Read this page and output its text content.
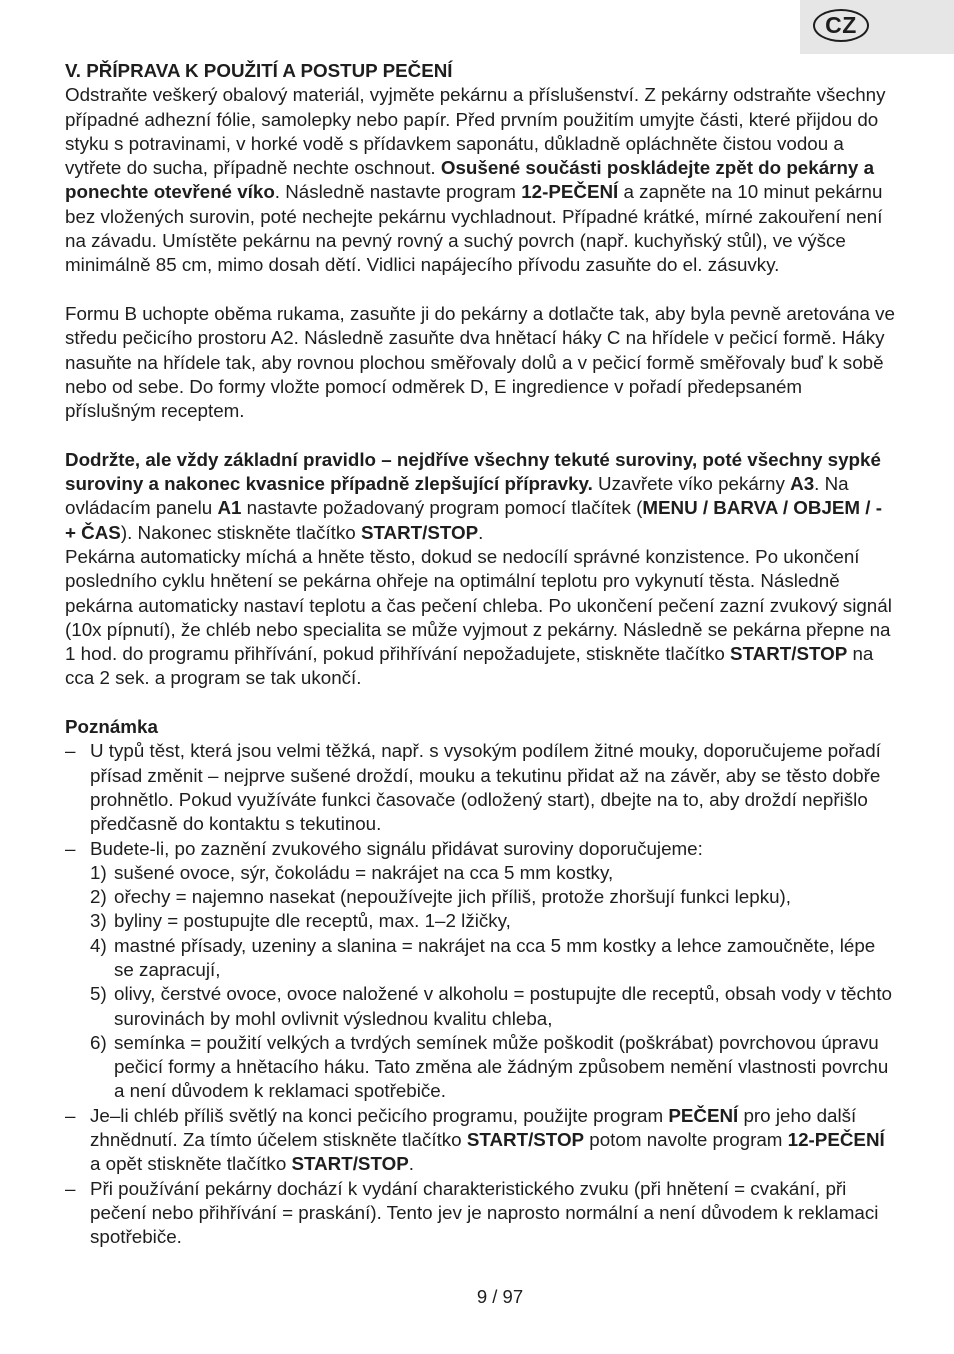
CZ

V. PŘÍPRAVA K POUŽITÍ A POSTUP PEČENÍ

Odstraňte veškerý obalový materiál, vyjměte pekárnu a příslušenství. Z pekárny odstraňte všechny případné adhezní fólie, samolepky nebo papír. Před prvním použitím umyjte části, které přijdou do styku s potravinami, v horké vodě s přídavkem saponátu, důkladně opláchněte čistou vodou a vytřete do sucha, případně nechte oschnout. Osušené součásti poskládejte zpět do pekárny a ponechte otevřené víko. Následně nastavte program 12-PEČENÍ a zapněte na 10 minut pekárnu bez vložených surovin, poté nechejte pekárnu vychladnout. Případné krátké, mírné zakouření není na závadu. Umístěte pekárnu na pevný rovný a suchý povrch (např. kuchyňský stůl), ve výšce minimálně 85 cm, mimo dosah dětí. Vidlici napájecího přívodu zasuňte do el. zásuvky.

Formu B uchopte oběma rukama, zasuňte ji do pekárny a dotlačte tak, aby byla pevně aretována ve středu pečicího prostoru A2. Následně zasuňte dva hnětací háky C na hřídele v pečicí formě. Háky nasuňte na hřídele tak, aby rovnou plochou směřovaly dolů a v pečicí formě směřovaly buď k sobě nebo od sebe. Do formy vložte pomocí odměrek D, E ingredience v pořadí předepsaném příslušným receptem.

Dodržte, ale vždy základní pravidlo – nejdříve všechny tekuté suroviny, poté všechny sypké suroviny a nakonec kvasnice případně zlepšující přípravky. Uzavřete víko pekárny A3. Na ovládacím panelu A1 nastavte požadovaný program pomocí tlačítek (MENU / BARVA / OBJEM / - + ČAS). Nakonec stiskněte tlačítko START/STOP.

Pekárna automaticky míchá a hněte těsto, dokud se nedocílí správné konzistence. Po ukončení posledního cyklu hnětení se pekárna ohřeje na optimální teplotu pro vykynutí těsta. Následně pekárna automaticky nastaví teplotu a čas pečení chleba. Po ukončení pečení zazní zvukový signál (10x pípnutí), že chléb nebo specialita se může vyjmout z pekárny. Následně se pekárna přepne na 1 hod. do programu přihřívání, pokud přihřívání nepožadujete, stiskněte tlačítko START/STOP na cca 2 sek. a program se tak ukončí.

Poznámka

– U typů těst, která jsou velmi těžká, např. s vysokým podílem žitné mouky, doporučujeme pořadí přísad změnit – nejprve sušené droždí, mouku a tekutinu přidat až na závěr, aby se těsto dobře prohnětlo. Pokud využíváte funkci časovače (odložený start), dbejte na to, aby droždí nepřišlo předčasně do kontaktu s tekutinou.
– Budete-li, po zaznění zvukového signálu přidávat suroviny doporučujeme:
1) sušené ovoce, sýr, čokoládu = nakrájet na cca 5 mm kostky,
2) ořechy = najemno nasekat (nepoužívejte jich příliš, protože zhoršují funkci lepku),
3) byliny = postupujte dle receptů, max. 1–2 lžičky,
4) mastné přísady, uzeniny a slanina = nakrájet na cca 5 mm kostky a lehce zamoučněte, lépe se zapracují,
5) olivy, čerstvé ovoce, ovoce naložené v alkoholu = postupujte dle receptů, obsah vody v těchto surovinách by mohl ovlivnit výslednou kvalitu chleba,
6) semínka = použití velkých a tvrdých semínek může poškodit (poškrábat) povrchovou úpravu pečicí formy a hnětacího háku. Tato změna ale žádným způsobem nemění vlastnosti povrchu a není důvodem k reklamaci spotřebiče.
– Je–li chléb příliš světlý na konci pečicího programu, použijte program PEČENÍ pro jeho další zhnědnutí. Za tímto účelem stiskněte tlačítko START/STOP potom navolte program 12-PEČENÍ a opět stiskněte tlačítko START/STOP.
– Při používání pekárny dochází k vydání charakteristického zvuku (při hnětení = cvakání, při pečení nebo přihřívání = praskání). Tento jev je naprosto normální a není důvodem k reklamaci spotřebiče.
9 / 97
